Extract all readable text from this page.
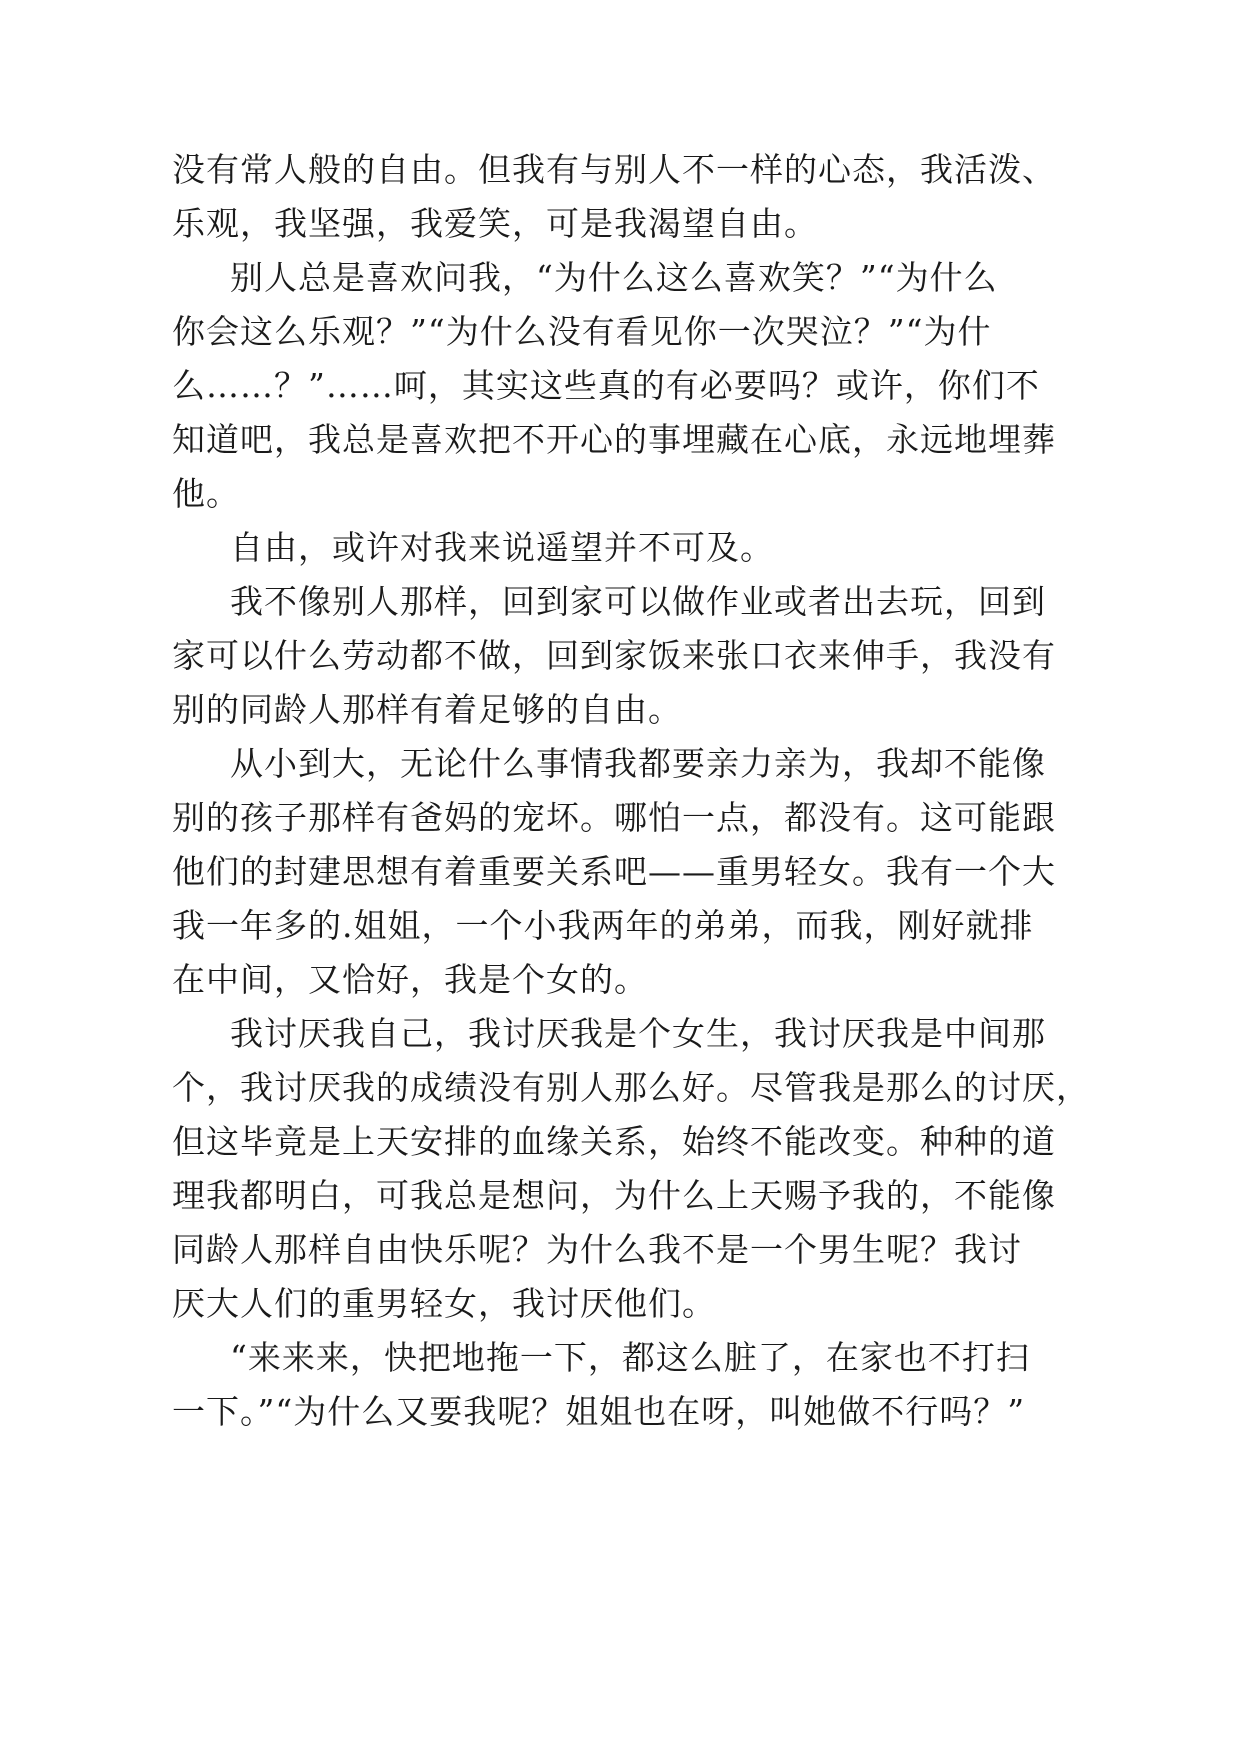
没有常人般的自由。但我有与别人不一样的心态，我活泼、
乐观，我坚强，我爱笑，可是我渴望自由。
别人总是喜欢问我，“为什么这么喜欢笑？”“为什么
你会这么乐观？”“为什么没有看见你一次哭泣？”“为什
么……？”……呵，其实这些真的有必要吗？或许，你们不
知道吧，我总是喜欢把不开心的事埋藏在心底，永远地埋葬
他。
自由，或许对我来说遥望并不可及。
我不像别人那样，回到家可以做作业或者出去玩，回到
家可以什么劳动都不做，回到家饭来张口衣来伸手，我没有
别的同龄人那样有着足够的自由。
从小到大，无论什么事情我都要亲力亲为，我却不能像
别的孩子那样有爸妈的宠坏。哪怕一点，都没有。这可能跟
他们的封建思想有着重要关系吧——重男轻女。我有一个大
我一年多的.姐姐，一个小我两年的弟弟，而我，刚好就排
在中间，又恰好，我是个女的。
我讨厌我自己，我讨厌我是个女生，我讨厌我是中间那
个，我讨厌我的成绩没有别人那么好。尽管我是那么的讨厌，
但这毕竟是上天安排的血缘关系，始终不能改变。种种的道
理我都明白，可我总是想问，为什么上天赐予我的，不能像
同龄人那样自由快乐呢？为什么我不是一个男生呢？我讨
厌大人们的重男轻女，我讨厌他们。
“来来来，快把地拖一下，都这么脏了，在家也不打扫
一下。”“为什么又要我呢？姐姐也在呀，叫她做不行吗？”
